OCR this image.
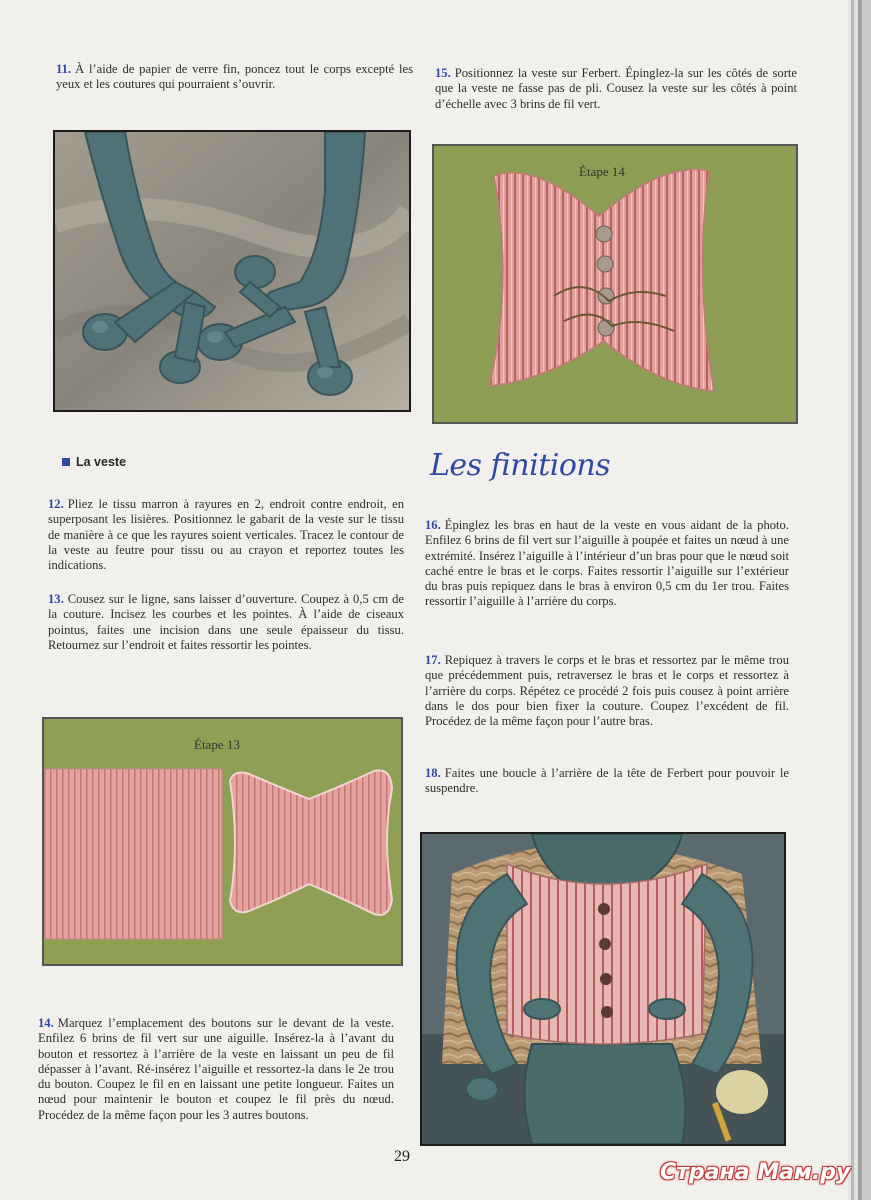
11. À l’aide de papier de verre fin, poncez tout le corps excepté les yeux et les coutures qui pourraient s’ouvrir.

La veste

12. Pliez le tissu marron à rayures en 2, endroit contre endroit, en superposant les lisières. Positionnez le gabarit de la veste sur le tissu de manière à ce que les rayures soient verticales. Tracez le contour de la veste au feutre pour tissu ou au crayon et reportez toutes les indications.

13. Cousez sur le ligne, sans laisser d’ouverture. Coupez à 0,5 cm de la couture. Incisez les courbes et les pointes. À l’aide de ciseaux pointus, faites une incision dans une seule épaisseur du tissu. Retournez sur l’endroit et faites ressortir les pointes.

Étape 13

14. Marquez l’emplacement des boutons sur le devant de la veste. Enfilez 6 brins de fil vert sur une aiguille. Insérez-la à l’avant du bouton et ressortez à l’arrière de la veste en laissant un peu de fil dépasser à l’avant. Ré-insérez l’aiguille et ressortez-la dans le 2e trou du bouton. Coupez le fil en en laissant une petite longueur. Faites un nœud pour maintenir le bouton et coupez le fil près du nœud. Procédez de la même façon pour les 3 autres boutons.

15. Positionnez la veste sur Ferbert. Épinglez-la sur les côtés de sorte que la veste ne fasse pas de pli. Cousez la veste sur les côtés à point d’échelle avec 3 brins de fil vert.

Étape 14
Les finitions

16. Épinglez les bras en haut de la veste en vous aidant de la photo. Enfilez 6 brins de fil vert sur l’aiguille à poupée et faites un nœud à une extrémité. Insérez l’aiguille à l’intérieur d’un bras pour que le nœud soit caché entre le bras et le corps. Faites ressortir l’aiguille sur l’extérieur du bras puis repiquez dans le bras à environ 0,5 cm du 1er trou. Faites ressortir l’aiguille à l’arrière du corps.

17. Repiquez à travers le corps et le bras et ressortez par le même trou que précédemment puis, retraversez le bras et le corps et ressortez à l’arrière du corps. Répétez ce procédé 2 fois puis cousez à point arrière dans le dos pour bien fixer la couture. Coupez l’excédent de fil. Procédez de la même façon pour l’autre bras.

18. Faites une boucle à l’arrière de la tête de Ferbert pour pouvoir le suspendre.

29
Страна Мам.ру
